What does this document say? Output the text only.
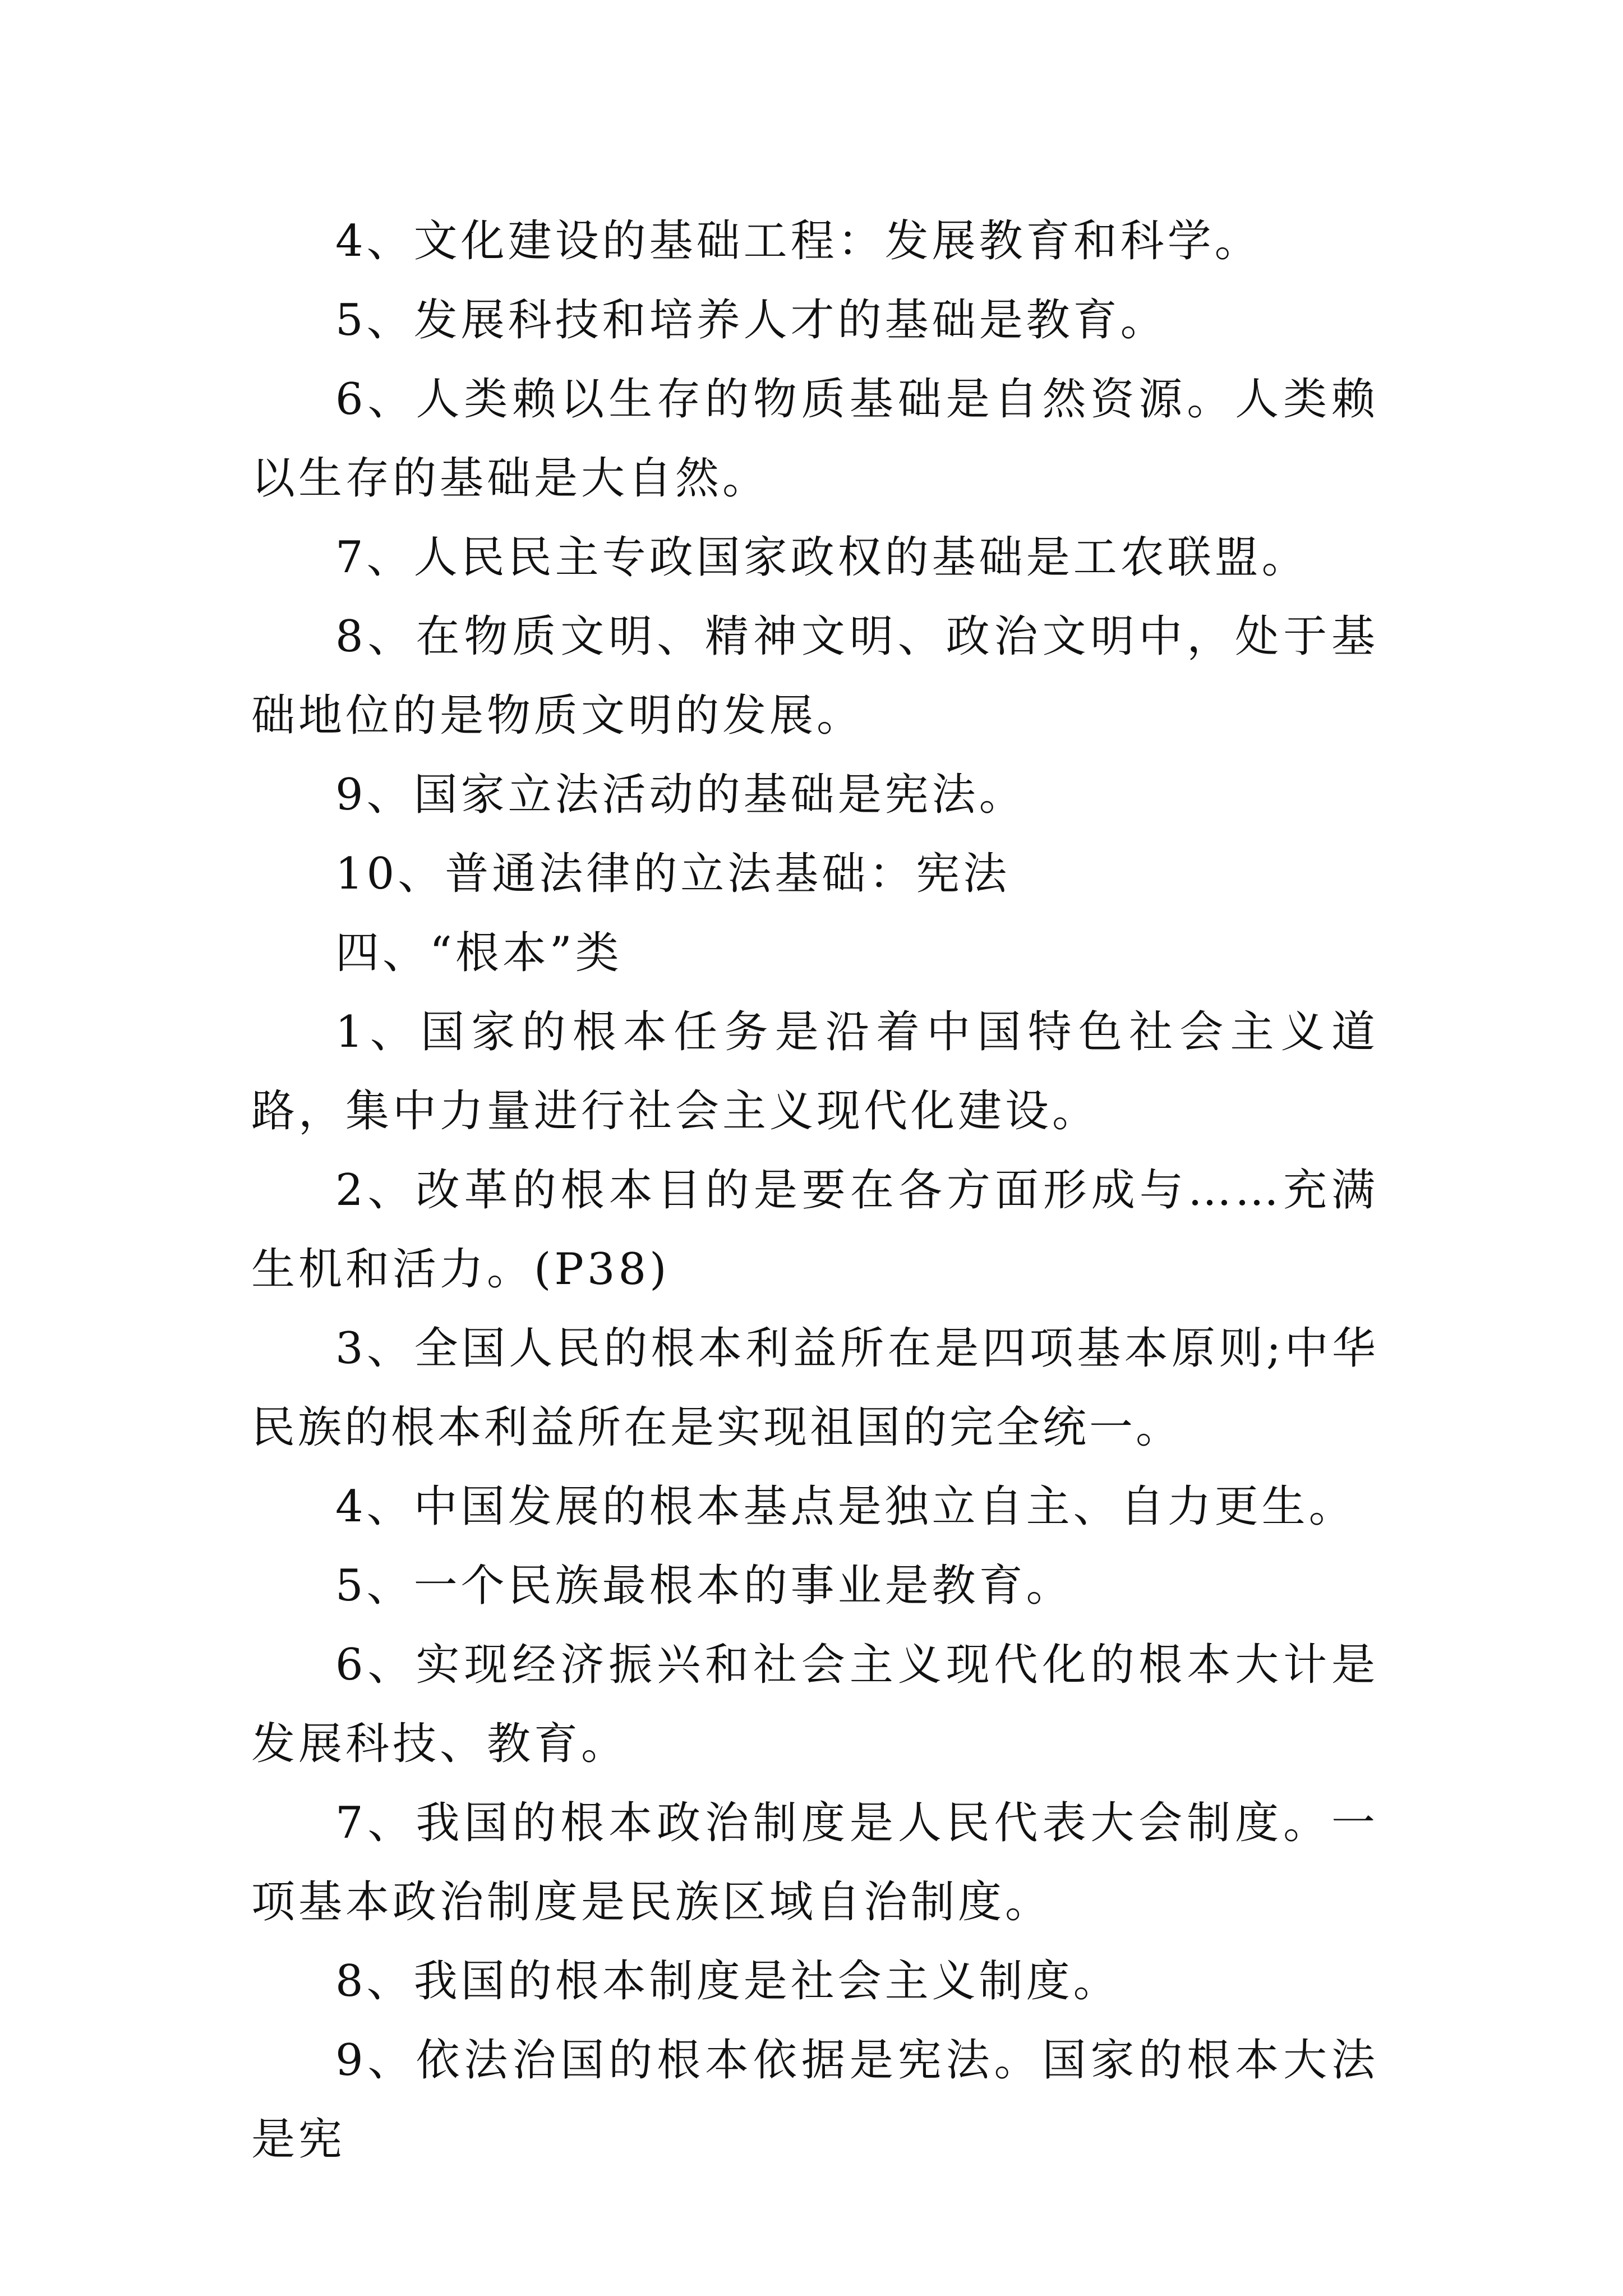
4、文化建设的基础工程：发展教育和科学。

5、发展科技和培养人才的基础是教育。

6、人类赖以生存的物质基础是自然资源。人类赖以生存的基础是大自然。

7、人民民主专政国家政权的基础是工农联盟。

8、在物质文明、精神文明、政治文明中，处于基础地位的是物质文明的发展。

9、国家立法活动的基础是宪法。

10、普通法律的立法基础：宪法

四、“根本”类

1、国家的根本任务是沿着中国特色社会主义道路，集中力量进行社会主义现代化建设。

2、改革的根本目的是要在各方面形成与……充满生机和活力。(P38)

3、全国人民的根本利益所在是四项基本原则;中华民族的根本利益所在是实现祖国的完全统一。

4、中国发展的根本基点是独立自主、自力更生。

5、一个民族最根本的事业是教育。

6、实现经济振兴和社会主义现代化的根本大计是发展科技、教育。

7、我国的根本政治制度是人民代表大会制度。一项基本政治制度是民族区域自治制度。

8、我国的根本制度是社会主义制度。

9、依法治国的根本依据是宪法。国家的根本大法是宪
